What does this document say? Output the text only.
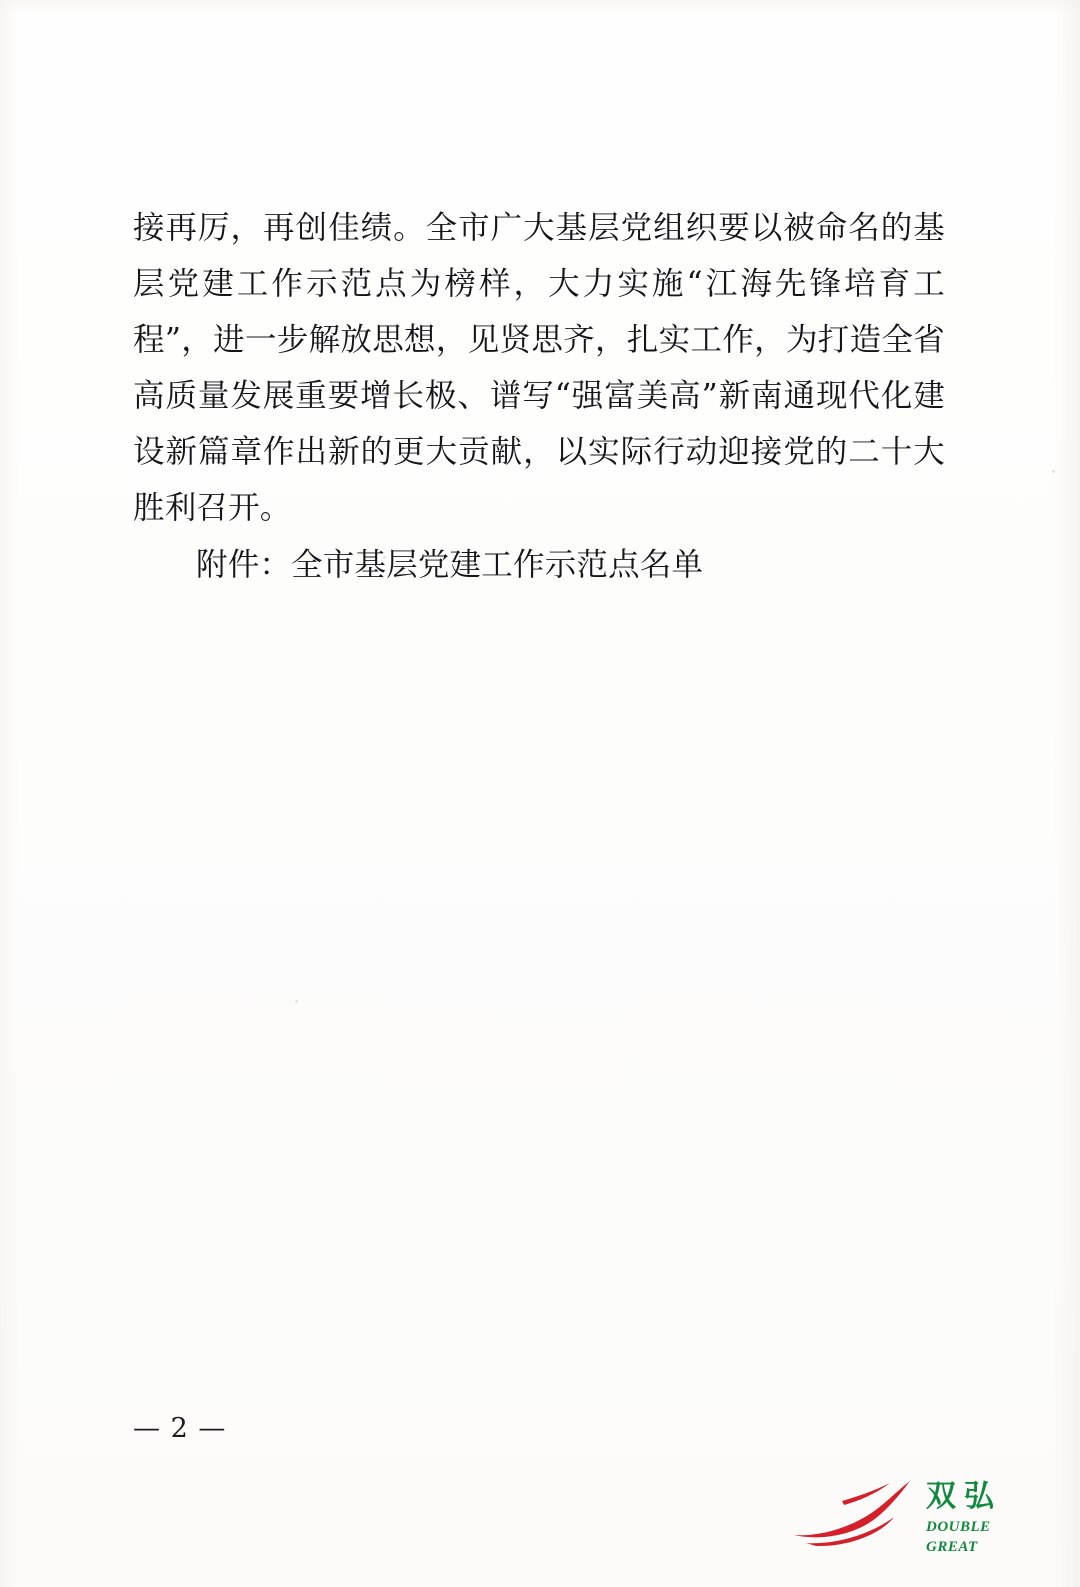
接再厉，再创佳绩。全市广大基层党组织要以被命名的基层党建工作示范点为榜样，大力实施“江海先锋培育工程”，进一步解放思想，见贤思齐，扎实工作，为打造全省高质量发展重要增长极、谱写“强富美高”新南通现代化建设新篇章作出新的更大贡献，以实际行动迎接党的二十大胜利召开。

附件：全市基层党建工作示范点名单

— 2 —
双弘
DOUBLE GREAT
